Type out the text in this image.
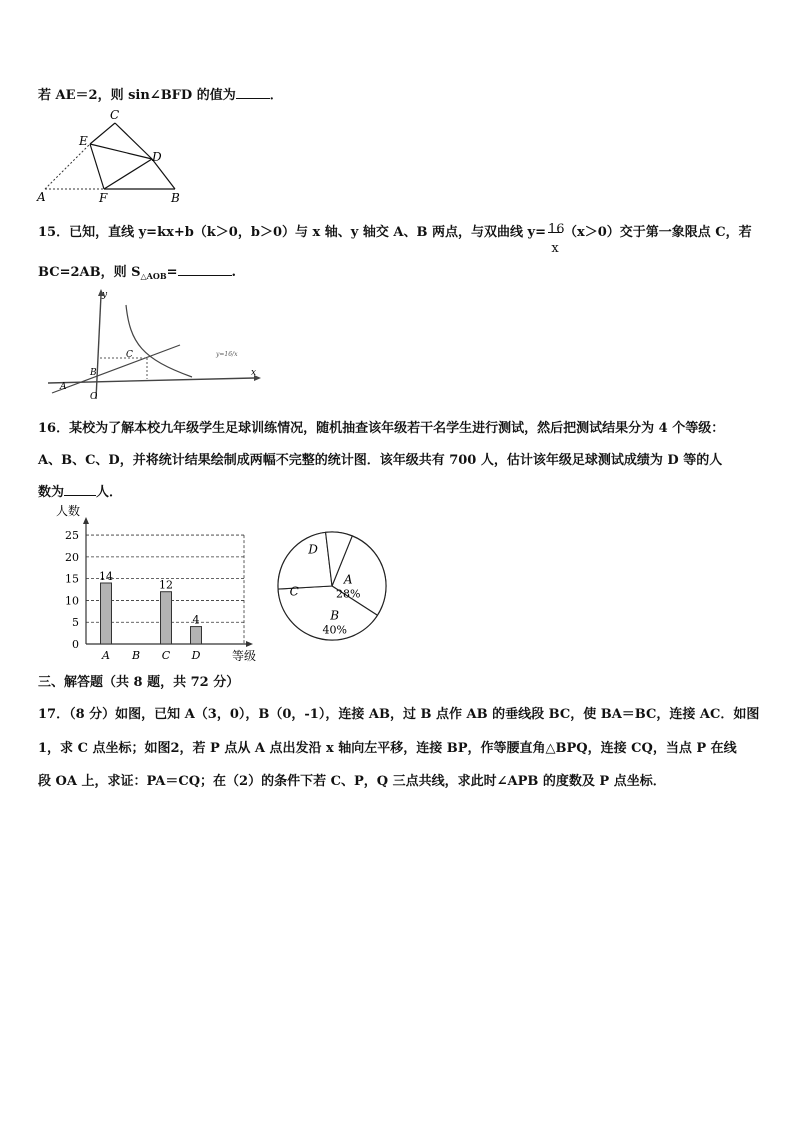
若 AE＝2，则 sin∠BFD 的值为	．
C
E
D
A	F	B
15．已知，直线 y=kx+b（k＞0，b＞0）与 x 轴、y 轴交 A、B 两点，与双曲线 y= 16
x
（x＞0）交于第一象限点 C，若
BC=2AB，则 $S_{\triangle AOB}=$	.
y
x
A
B
C
O
y=16/x
16．某校为了解本校九年级学生足球训练情况，随机抽查该年级若干名学生进行测试，然后把测试结果分为 4 个等级：
A、B、C、D，并将统计结果绘制成两幅不完整的统计图．该年级共有 700 人，估计该年级足球测试成绩为 D 等的人
数为 人．
人数
等级
0
5
10
15
20
25
14
12
4
A B C D
A
28%
B
40%
C
D
三、解答题（共 8 题，共 72 分）
17．（8 分）如图，已知 A（3，0），B（0，-1），连接 AB，过 B 点作 AB 的垂线段 BC，使 BA＝BC，连接 AC．如图
1，求 C 点坐标；如图2，若 P 点从 A 点出发沿 x 轴向左平移，连接 BP，作等腰直角△BPQ，连接 CQ，当点 P 在线
段 OA 上，求证：PA＝CQ；在（2）的条件下若 C、P，Q 三点共线，求此时∠APB 的度数及 P 点坐标．
